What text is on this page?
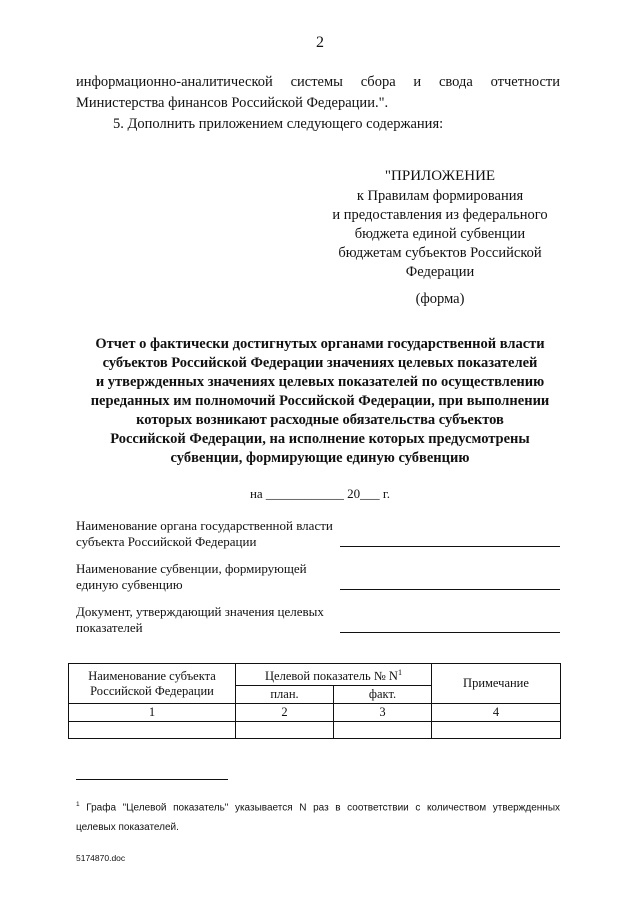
2
информационно-аналитической системы сбора и свода отчетности
Министерства финансов Российской Федерации.".
5. Дополнить приложением следующего содержания:
"ПРИЛОЖЕНИЕ
к Правилам формирования
и предоставления из федерального
бюджета единой субвенции
бюджетам субъектов Российской
Федерации
(форма)
Отчет о фактически достигнутых органами государственной власти
субъектов Российской Федерации значениях целевых показателей
и утвержденных значениях целевых показателей по осуществлению
переданных им полномочий Российской Федерации, при выполнении
которых возникают расходные обязательства субъектов
Российской Федерации, на исполнение которых предусмотрены
субвенции, формирующие единую субвенцию
на ____________ 20___ г.
Наименование органа государственной власти
субъекта Российской Федерации
Наименование субвенции, формирующей
единую субвенцию
Документ, утверждающий значения целевых
показателей
Наименование субъекта Российской Федерации	Целевой показатель № $N^1$		Примечание
	план.	факт.	
1	2	3	4

$^1$ Графа "Целевой показатель" указывается N раз в соответствии с количеством утвержденных целевых показателей.
5174870.doc
